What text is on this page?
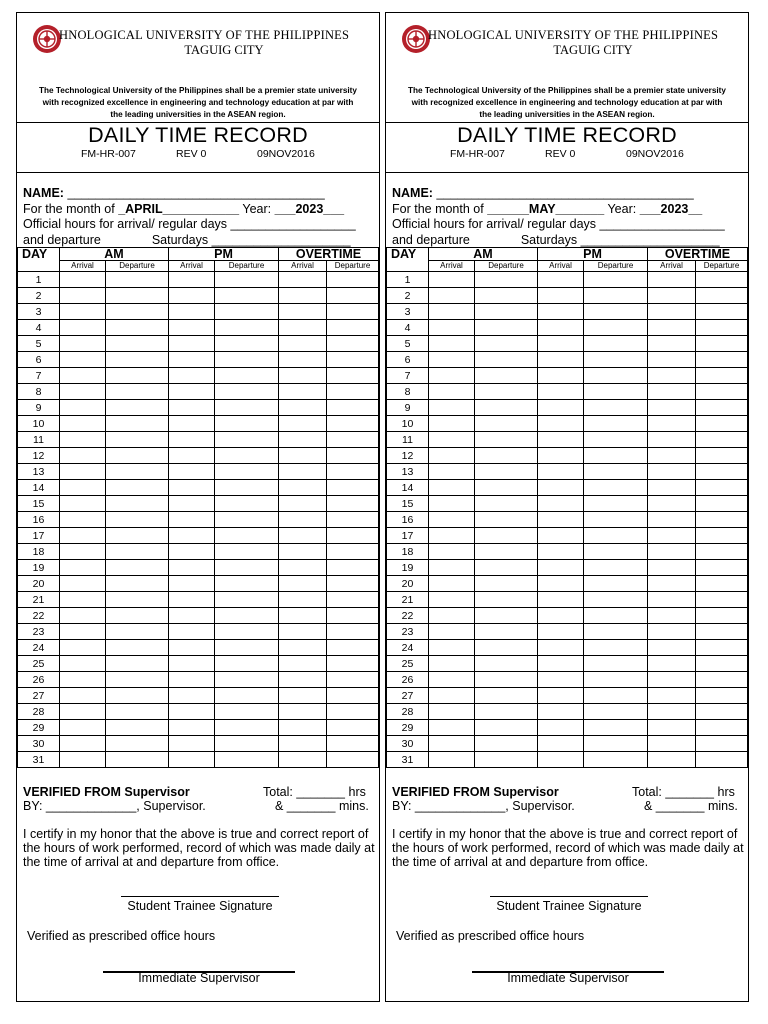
HNOLOGICAL UNIVERSITY OF THE PHILIPPINES
TAGUIG CITY
The Technological University of the Philippines shall be a premier state university
with recognized excellence in engineering and technology education at par with
the leading universities in the ASEAN region.
DAILY TIME RECORD
FM-HR-007	REV 0	09NOV2016
NAME: _____________________________________
For the month of _APRIL___________ Year: ___2023___
Official hours for arrival/ regular days __________________
and departure	Saturdays ____________________
DAY	AM		PM		OVERTIME	
	Arrival	Departure	Arrival	Departure	Arrival	Departure
1						
2						
3						
4						
5						
6						
7						
8						
9						
10						
11						
12						
13						
14						
15						
16						
17						
18						
19						
20						
21						
22						
23						
24						
25						
26						
27						
28						
29						
30						
31						
VERIFIED FROM Supervisor	Total: _______ hrs
BY: _____________, Supervisor.	& _______ mins.
I certify in my honor that the above is true and correct report of the hours of work performed, record of which was made daily at the time of arrival at and departure from office.
Student Trainee Signature
Verified as prescribed office hours
Immediate Supervisor
HNOLOGICAL UNIVERSITY OF THE PHILIPPINES
TAGUIG CITY
The Technological University of the Philippines shall be a premier state university
with recognized excellence in engineering and technology education at par with
the leading universities in the ASEAN region.
DAILY TIME RECORD
FM-HR-007	REV 0	09NOV2016
NAME: _____________________________________
For the month of ______MAY_______ Year: ___2023__
Official hours for arrival/ regular days __________________
and departure	Saturdays ____________________
DAY	AM		PM		OVERTIME	
	Arrival	Departure	Arrival	Departure	Arrival	Departure
1						
2						
3						
4						
5						
6						
7						
8						
9						
10						
11						
12						
13						
14						
15						
16						
17						
18						
19						
20						
21						
22						
23						
24						
25						
26						
27						
28						
29						
30						
31						
VERIFIED FROM Supervisor	Total: _______ hrs
BY: _____________, Supervisor.	& _______ mins.
I certify in my honor that the above is true and correct report of the hours of work performed, record of which was made daily at the time of arrival at and departure from office.
Student Trainee Signature
Verified as prescribed office hours
Immediate Supervisor
